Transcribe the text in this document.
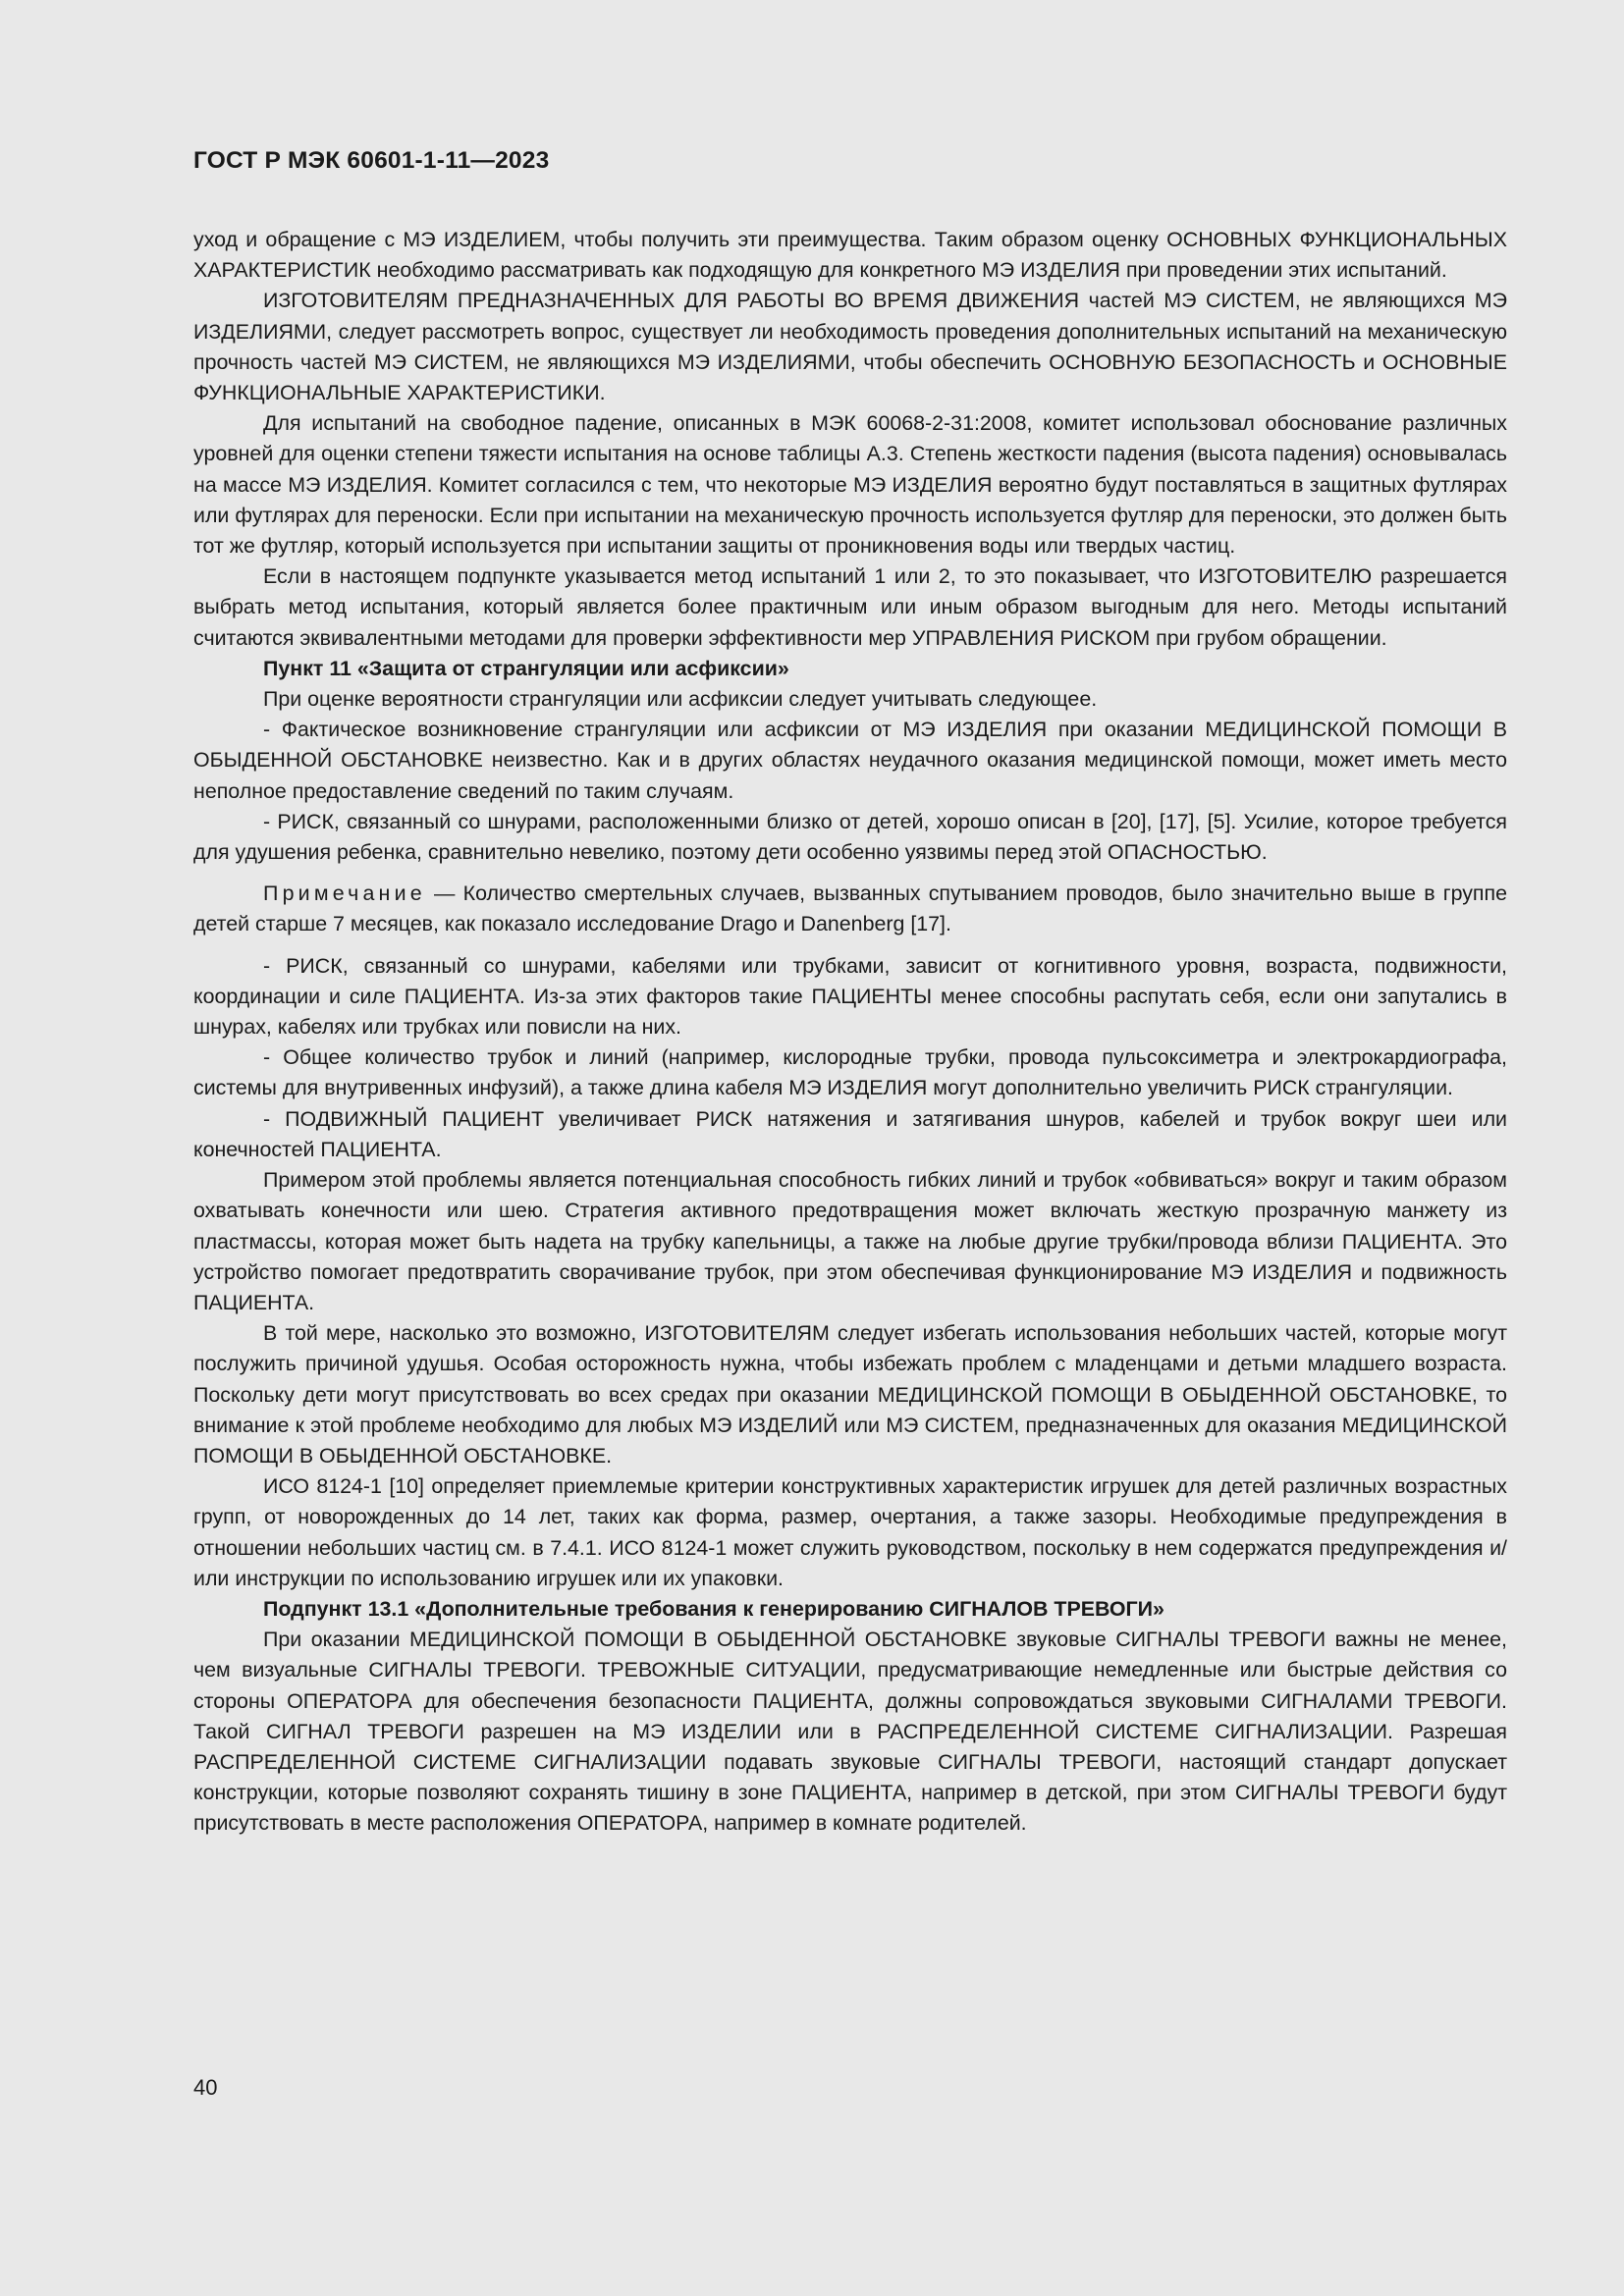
ГОСТ Р МЭК 60601-1-11—2023

уход и обращение с МЭ ИЗДЕЛИЕМ, чтобы получить эти преимущества. Таким образом оценку ОСНОВНЫХ ФУНКЦИОНАЛЬНЫХ ХАРАКТЕРИСТИК необходимо рассматривать как подходящую для конкретного МЭ ИЗДЕЛИЯ при проведении этих испытаний.

ИЗГОТОВИТЕЛЯМ ПРЕДНАЗНАЧЕННЫХ ДЛЯ РАБОТЫ ВО ВРЕМЯ ДВИЖЕНИЯ частей МЭ СИСТЕМ, не являющихся МЭ ИЗДЕЛИЯМИ, следует рассмотреть вопрос, существует ли необходимость проведения дополнительных испытаний на механическую прочность частей МЭ СИСТЕМ, не являющихся МЭ ИЗДЕЛИЯМИ, чтобы обеспечить ОСНОВНУЮ БЕЗОПАСНОСТЬ и ОСНОВНЫЕ ФУНКЦИОНАЛЬНЫЕ ХАРАКТЕРИСТИКИ.

Для испытаний на свободное падение, описанных в МЭК 60068-2-31:2008, комитет использовал обоснование различных уровней для оценки степени тяжести испытания на основе таблицы А.3. Степень жесткости падения (высота падения) основывалась на массе МЭ ИЗДЕЛИЯ. Комитет согласился с тем, что некоторые МЭ ИЗДЕЛИЯ вероятно будут поставляться в защитных футлярах или футлярах для переноски. Если при испытании на механическую прочность используется футляр для переноски, это должен быть тот же футляр, который используется при испытании защиты от проникновения воды или твердых частиц.

Если в настоящем подпункте указывается метод испытаний 1 или 2, то это показывает, что ИЗГОТОВИТЕЛЮ разрешается выбрать метод испытания, который является более практичным или иным образом выгодным для него. Методы испытаний считаются эквивалентными методами для проверки эффективности мер УПРАВЛЕНИЯ РИСКОМ при грубом обращении.

Пункт 11 «Защита от странгуляции или асфиксии»

При оценке вероятности странгуляции или асфиксии следует учитывать следующее.

- Фактическое возникновение странгуляции или асфиксии от МЭ ИЗДЕЛИЯ при оказании МЕДИЦИНСКОЙ ПОМОЩИ В ОБЫДЕННОЙ ОБСТАНОВКЕ неизвестно. Как и в других областях неудачного оказания медицинской помощи, может иметь место неполное предоставление сведений по таким случаям.

- РИСК, связанный со шнурами, расположенными близко от детей, хорошо описан в [20], [17], [5]. Усилие, которое требуется для удушения ребенка, сравнительно невелико, поэтому дети особенно уязвимы перед этой ОПАСНОСТЬЮ.

Примечание — Количество смертельных случаев, вызванных спутыванием проводов, было значительно выше в группе детей старше 7 месяцев, как показало исследование Drago и Danenberg [17].

- РИСК, связанный со шнурами, кабелями или трубками, зависит от когнитивного уровня, возраста, подвижности, координации и силе ПАЦИЕНТА. Из-за этих факторов такие ПАЦИЕНТЫ менее способны распутать себя, если они запутались в шнурах, кабелях или трубках или повисли на них.

- Общее количество трубок и линий (например, кислородные трубки, провода пульсоксиметра и электрокардиографа, системы для внутривенных инфузий), а также длина кабеля МЭ ИЗДЕЛИЯ могут дополнительно увеличить РИСК странгуляции.

- ПОДВИЖНЫЙ ПАЦИЕНТ увеличивает РИСК натяжения и затягивания шнуров, кабелей и трубок вокруг шеи или конечностей ПАЦИЕНТА.

Примером этой проблемы является потенциальная способность гибких линий и трубок «обвиваться» вокруг и таким образом охватывать конечности или шею. Стратегия активного предотвращения может включать жесткую прозрачную манжету из пластмассы, которая может быть надета на трубку капельницы, а также на любые другие трубки/провода вблизи ПАЦИЕНТА. Это устройство помогает предотвратить сворачивание трубок, при этом обеспечивая функционирование МЭ ИЗДЕЛИЯ и подвижность ПАЦИЕНТА.

В той мере, насколько это возможно, ИЗГОТОВИТЕЛЯМ следует избегать использования небольших частей, которые могут послужить причиной удушья. Особая осторожность нужна, чтобы избежать проблем с младенцами и детьми младшего возраста. Поскольку дети могут присутствовать во всех средах при оказании МЕДИЦИНСКОЙ ПОМОЩИ В ОБЫДЕННОЙ ОБСТАНОВКЕ, то внимание к этой проблеме необходимо для любых МЭ ИЗДЕЛИЙ или МЭ СИСТЕМ, предназначенных для оказания МЕДИЦИНСКОЙ ПОМОЩИ В ОБЫДЕННОЙ ОБСТАНОВКЕ.

ИСО 8124-1 [10] определяет приемлемые критерии конструктивных характеристик игрушек для детей различных возрастных групп, от новорожденных до 14 лет, таких как форма, размер, очертания, а также зазоры. Необходимые предупреждения в отношении небольших частиц см. в 7.4.1. ИСО 8124-1 может служить руководством, поскольку в нем содержатся предупреждения и/или инструкции по использованию игрушек или их упаковки.

Подпункт 13.1 «Дополнительные требования к генерированию СИГНАЛОВ ТРЕВОГИ»

При оказании МЕДИЦИНСКОЙ ПОМОЩИ В ОБЫДЕННОЙ ОБСТАНОВКЕ звуковые СИГНАЛЫ ТРЕВОГИ важны не менее, чем визуальные СИГНАЛЫ ТРЕВОГИ. ТРЕВОЖНЫЕ СИТУАЦИИ, предусматривающие немедленные или быстрые действия со стороны ОПЕРАТОРА для обеспечения безопасности ПАЦИЕНТА, должны сопровождаться звуковыми СИГНАЛАМИ ТРЕВОГИ. Такой СИГНАЛ ТРЕВОГИ разрешен на МЭ ИЗДЕЛИИ или в РАСПРЕДЕЛЕННОЙ СИСТЕМЕ СИГНАЛИЗАЦИИ. Разрешая РАСПРЕДЕЛЕННОЙ СИСТЕМЕ СИГНАЛИЗАЦИИ подавать звуковые СИГНАЛЫ ТРЕВОГИ, настоящий стандарт допускает конструкции, которые позволяют сохранять тишину в зоне ПАЦИЕНТА, например в детской, при этом СИГНАЛЫ ТРЕВОГИ будут присутствовать в месте расположения ОПЕРАТОРА, например в комнате родителей.

40
